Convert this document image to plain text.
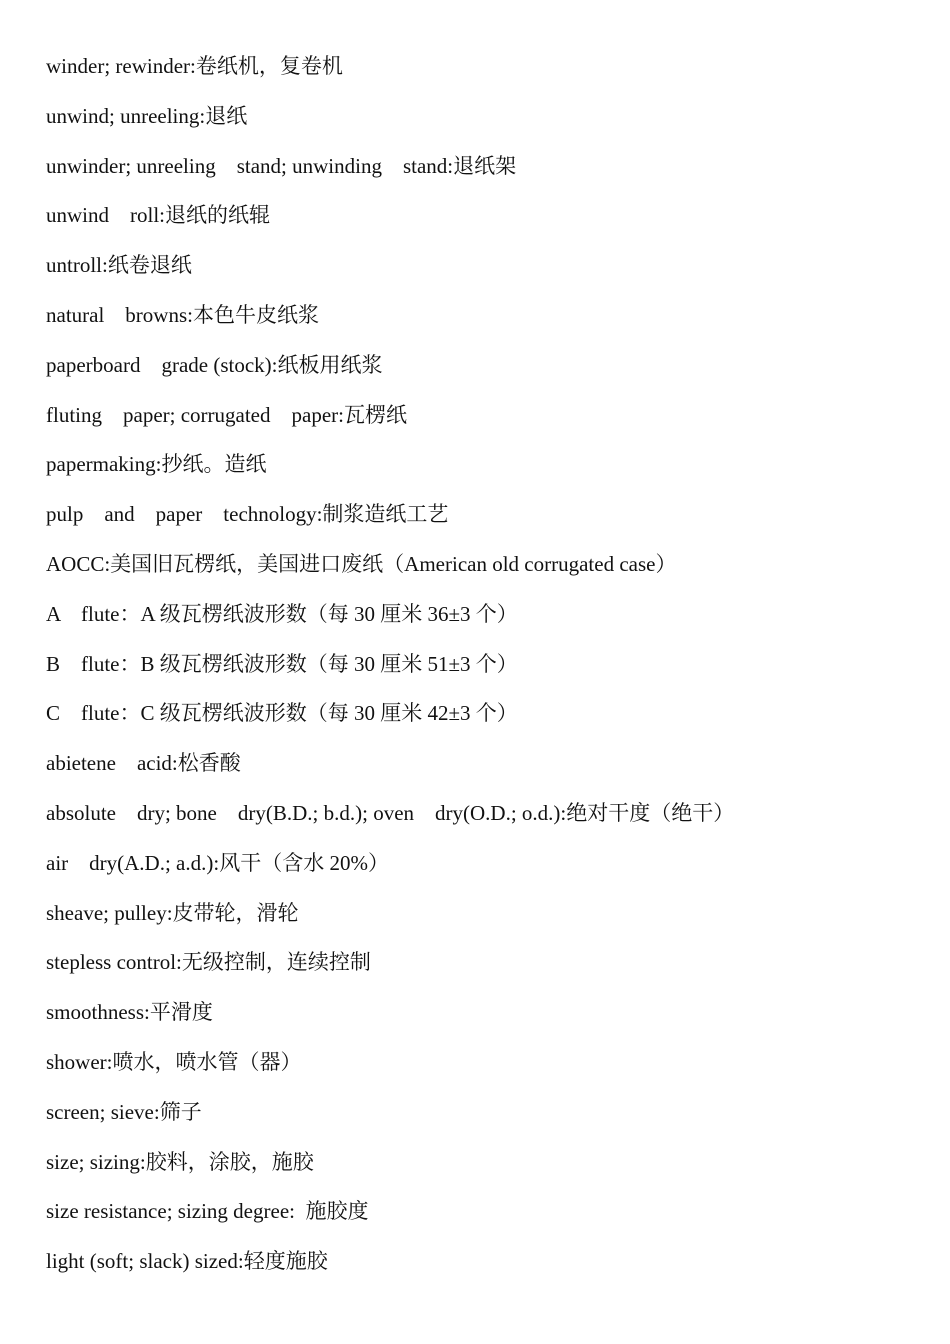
winder; rewinder:卷纸机，复卷机
unwind; unreeling:退纸
unwinder; unreeling    stand; unwinding    stand:退纸架
unwind    roll:退纸的纸辊
untroll:纸卷退纸
natural    browns:本色牛皮纸浆
paperboard    grade (stock):纸板用纸浆
fluting    paper; corrugated    paper:瓦楞纸
papermaking:抄纸。造纸
pulp    and    paper    technology:制浆造纸工艺
AOCC:美国旧瓦楞纸，美国进口废纸（American old corrugated case）
A    flute：A 级瓦楞纸波形数（每 30 厘米 36±3 个）
B    flute：B 级瓦楞纸波形数（每 30 厘米 51±3 个）
C    flute：C 级瓦楞纸波形数（每 30 厘米 42±3 个）
abietene    acid:松香酸
absolute    dry; bone    dry(B.D.; b.d.); oven    dry(O.D.; o.d.):绝对干度（绝干）
air    dry(A.D.; a.d.):风干（含水 20%）
sheave; pulley:皮带轮，滑轮
stepless control:无级控制，连续控制
smoothness:平滑度
shower:喷水，喷水管（器）
screen; sieve:筛子
size; sizing:胶料，涂胶，施胶
size resistance; sizing degree:  施胶度
light (soft; slack) sized:轻度施胶
